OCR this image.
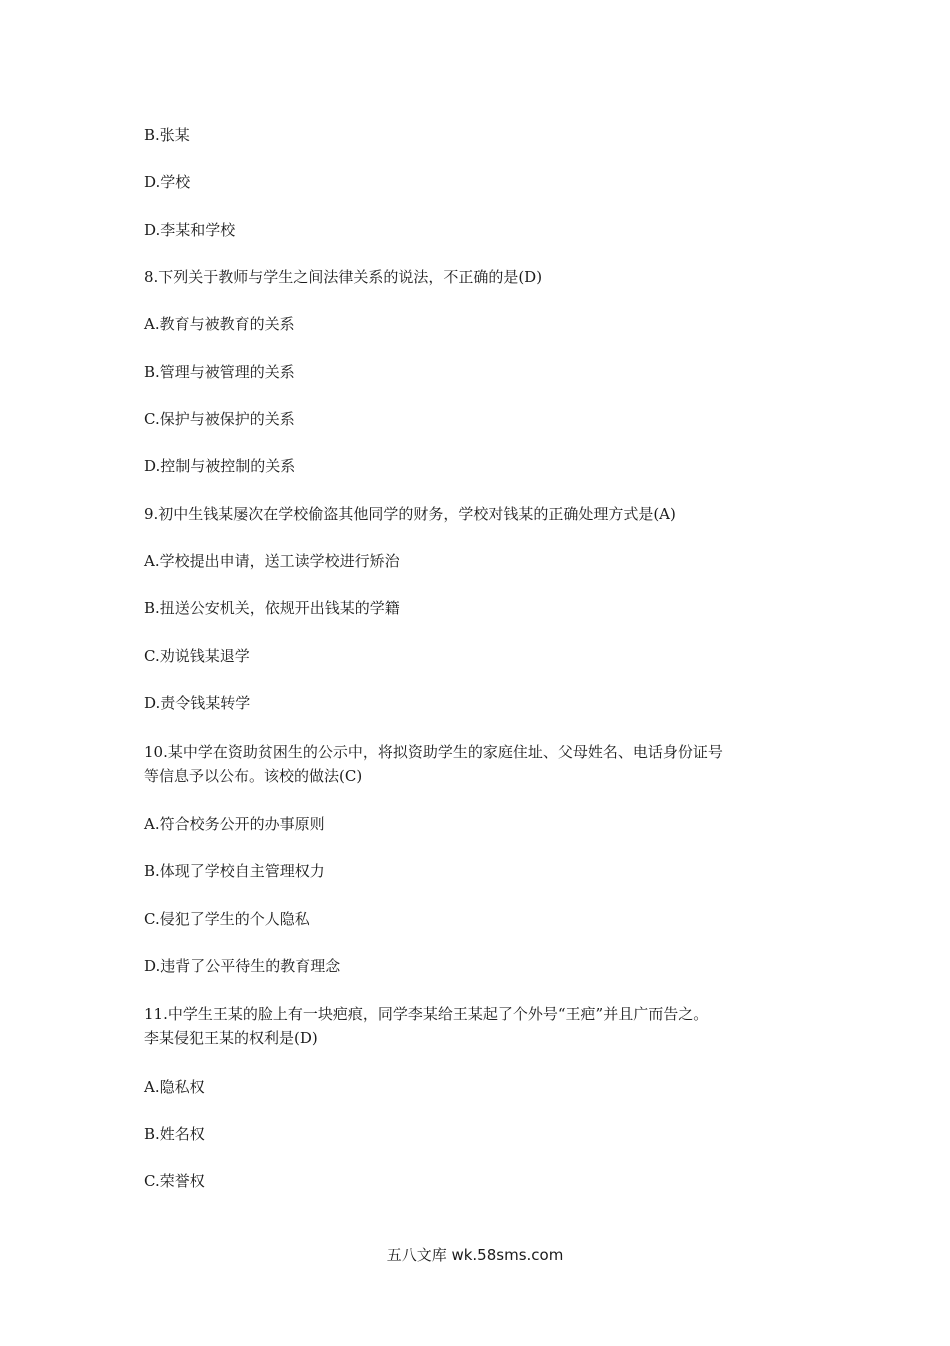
B.张某
D.学校
D.李某和学校
8.下列关于教师与学生之间法律关系的说法，不正确的是(D)
A.教育与被教育的关系
B.管理与被管理的关系
C.保护与被保护的关系
D.控制与被控制的关系
9.初中生钱某屡次在学校偷盗其他同学的财务，学校对钱某的正确处理方式是(A)
A.学校提出申请，送工读学校进行矫治
B.扭送公安机关，依规开出钱某的学籍
C.劝说钱某退学
D.责令钱某转学
10.某中学在资助贫困生的公示中，将拟资助学生的家庭住址、父母姓名、电话身份证号
等信息予以公布。该校的做法(C)
A.符合校务公开的办事原则
B.体现了学校自主管理权力
C.侵犯了学生的个人隐私
D.违背了公平待生的教育理念
11.中学生王某的脸上有一块疤痕，同学李某给王某起了个外号“王疤”并且广而告之。
李某侵犯王某的权利是(D)
A.隐私权
B.姓名权
C.荣誉权
五八文库 wk.58sms.com
